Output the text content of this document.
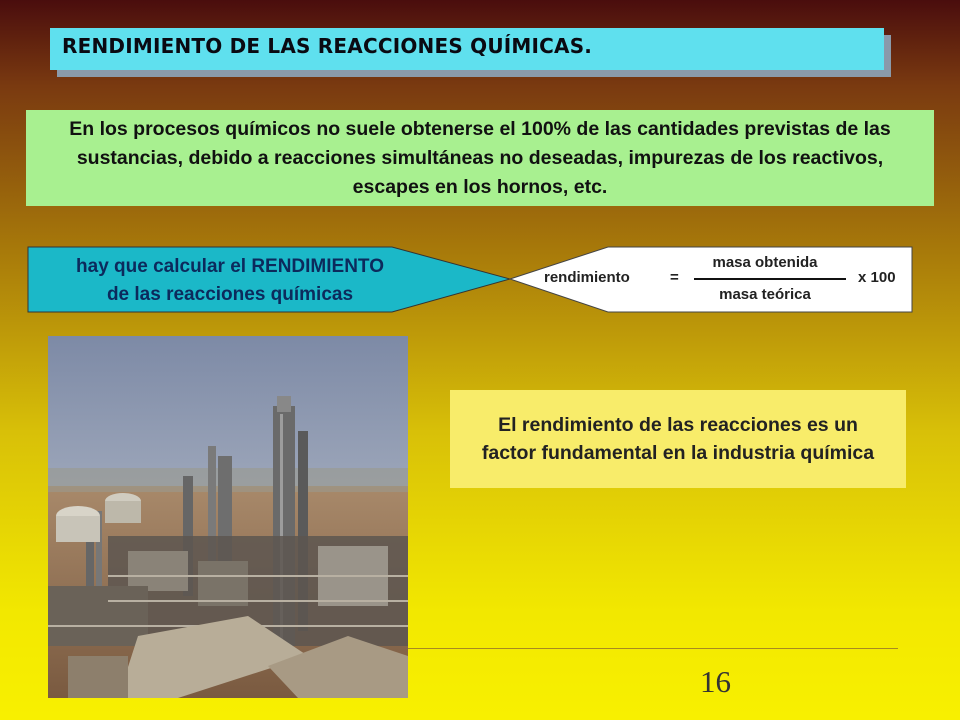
RENDIMIENTO DE LAS REACCIONES QUÍMICAS.
En los procesos químicos no suele obtenerse el 100% de las cantidades previstas de las sustancias, debido a reacciones simultáneas no deseadas, impurezas de los reactivos, escapes en los hornos, etc.
hay que calcular el RENDIMIENTO
de las reacciones químicas
rendimiento	=
masa obtenida
masa teórica
x 100
El rendimiento de las reacciones es un factor fundamental en la industria química
16
